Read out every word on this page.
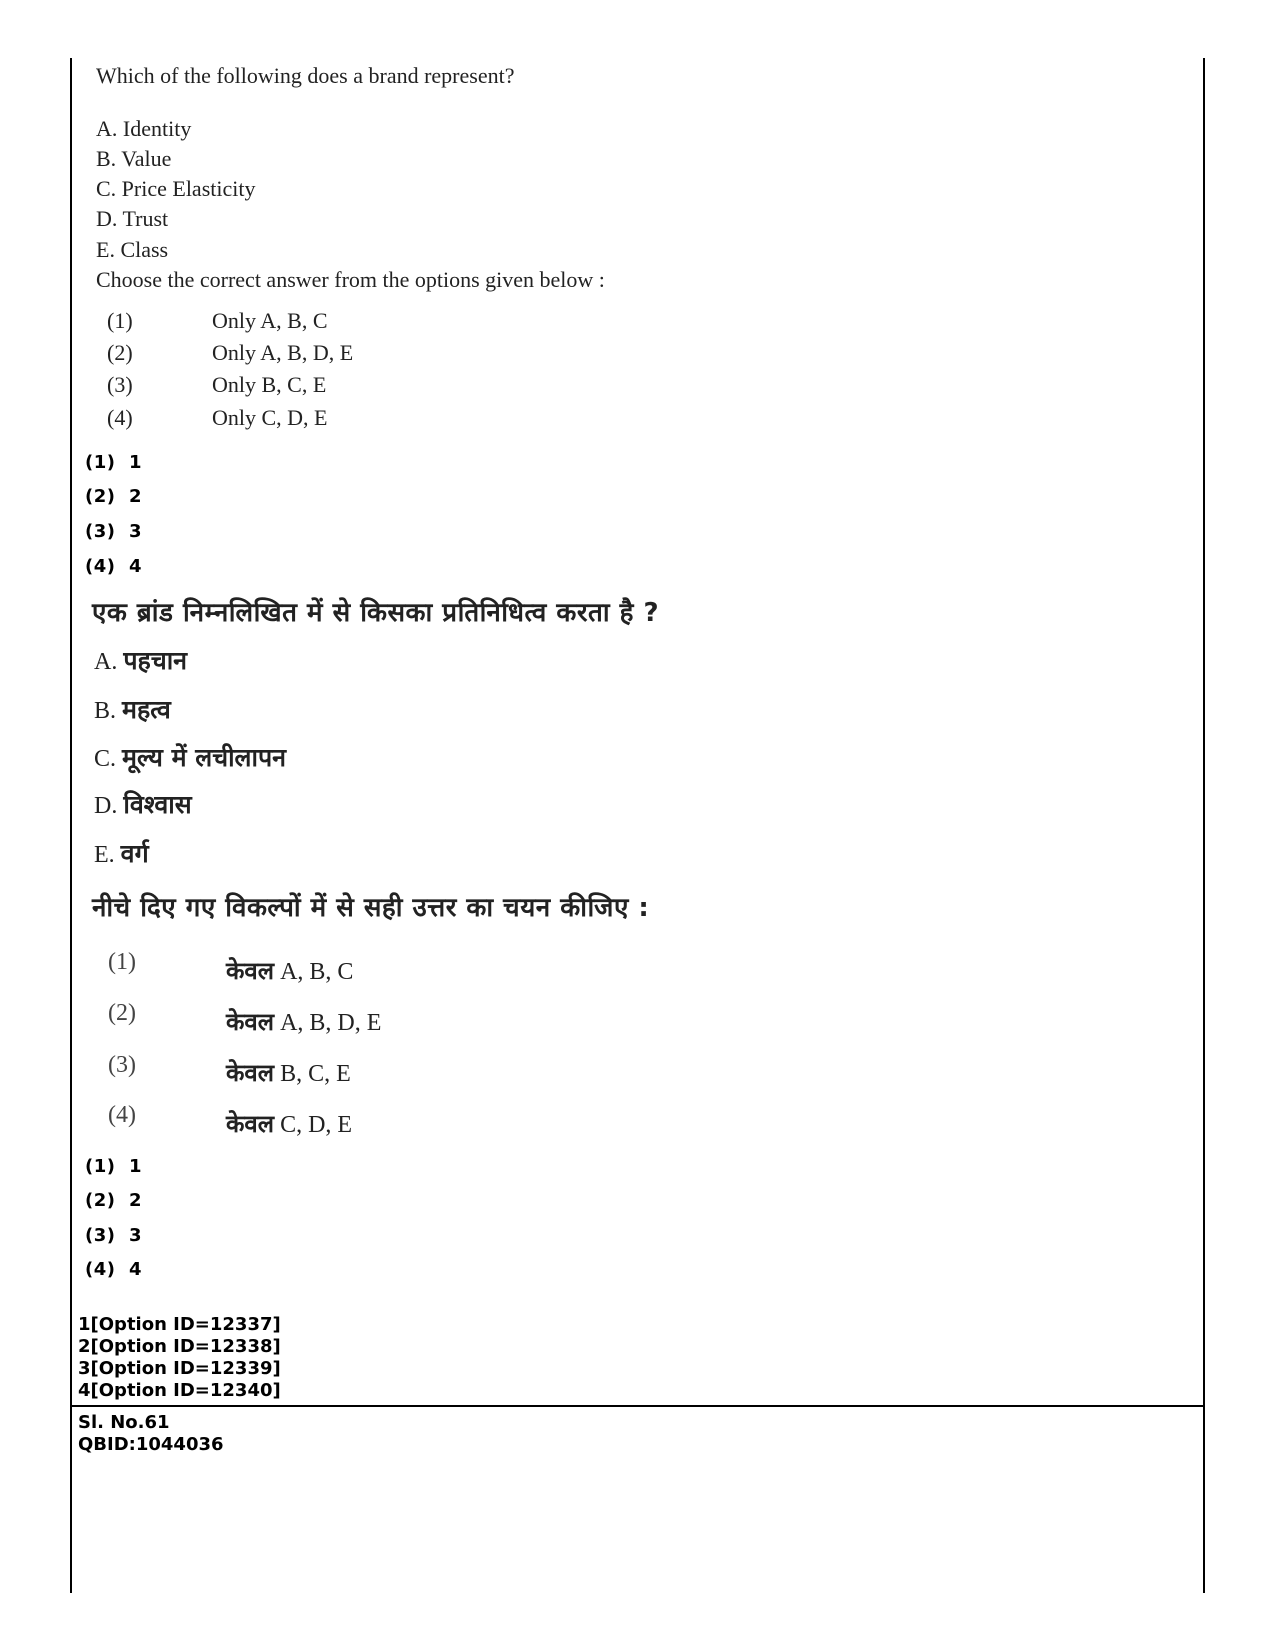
Which of the following does a brand represent?
A. Identity
B. Value
C. Price Elasticity
D. Trust
E. Class
Choose the correct answer from the options given below :
(1)	Only A, B, C
(2)	Only A, B, D, E
(3)	Only B, C, E
(4)	Only C, D, E
(1)  1
(2)  2
(3)  3
(4)  4
एक ब्रांड निम्नलिखित में से किसका प्रतिनिधित्व करता है ?
A. पहचान
B. महत्व
C. मूल्य में लचीलापन
D. विश्वास
E. वर्ग
नीचे दिए गए विकल्पों में से सही उत्तर का चयन कीजिए :
(1)	केवल A, B, C
(2)	केवल A, B, D, E
(3)	केवल B, C, E
(4)	केवल C, D, E
(1)  1
(2)  2
(3)  3
(4)  4
1[Option ID=12337]
2[Option ID=12338]
3[Option ID=12339]
4[Option ID=12340]
Sl. No.61
QBID:1044036
